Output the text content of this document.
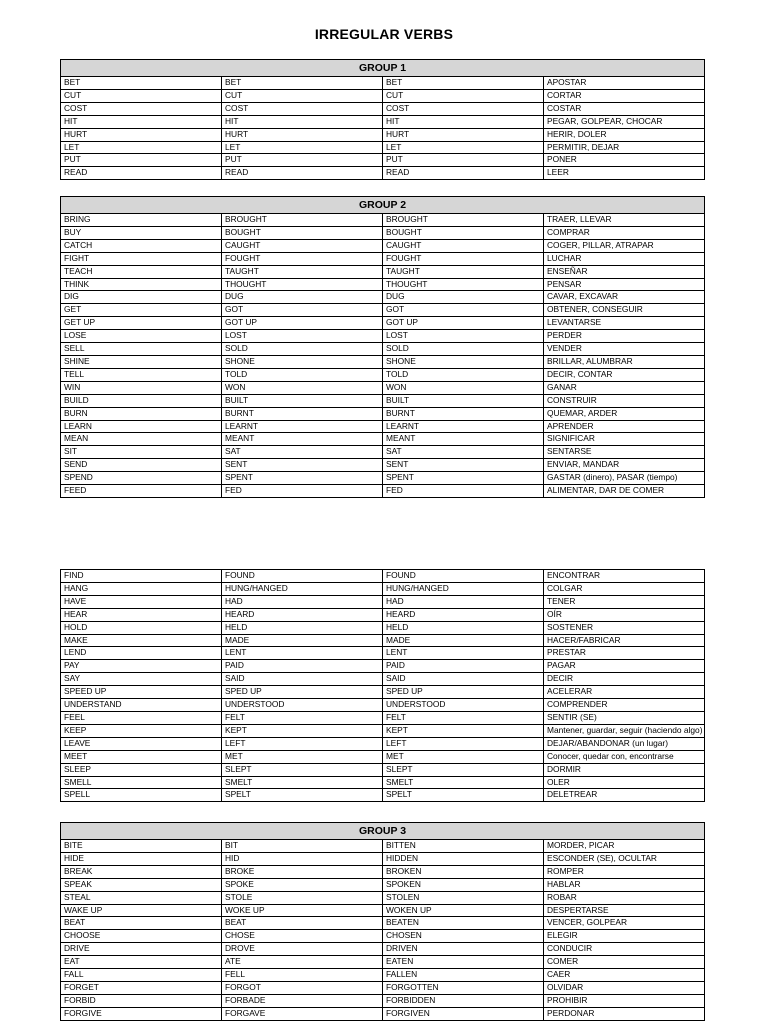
IRREGULAR VERBS
GROUP 1			
BET	BET	BET	APOSTAR
CUT	CUT	CUT	CORTAR
COST	COST	COST	COSTAR
HIT	HIT	HIT	PEGAR, GOLPEAR, CHOCAR
HURT	HURT	HURT	HERIR, DOLER
LET	LET	LET	PERMITIR, DEJAR
PUT	PUT	PUT	PONER
READ	READ	READ	LEER
GROUP 2			
BRING	BROUGHT	BROUGHT	TRAER, LLEVAR
BUY	BOUGHT	BOUGHT	COMPRAR
CATCH	CAUGHT	CAUGHT	COGER, PILLAR, ATRAPAR
FIGHT	FOUGHT	FOUGHT	LUCHAR
TEACH	TAUGHT	TAUGHT	ENSEÑAR
THINK	THOUGHT	THOUGHT	PENSAR
DIG	DUG	DUG	CAVAR, EXCAVAR
GET	GOT	GOT	OBTENER, CONSEGUIR
GET UP	GOT UP	GOT UP	LEVANTARSE
LOSE	LOST	LOST	PERDER
SELL	SOLD	SOLD	VENDER
SHINE	SHONE	SHONE	BRILLAR, ALUMBRAR
TELL	TOLD	TOLD	DECIR, CONTAR
WIN	WON	WON	GANAR
BUILD	BUILT	BUILT	CONSTRUIR
BURN	BURNT	BURNT	QUEMAR, ARDER
LEARN	LEARNT	LEARNT	APRENDER
MEAN	MEANT	MEANT	SIGNIFICAR
SIT	SAT	SAT	SENTARSE
SEND	SENT	SENT	ENVIAR, MANDAR
SPEND	SPENT	SPENT	GASTAR (dinero), PASAR (tiempo)
FEED	FED	FED	ALIMENTAR, DAR DE COMER
FIND	FOUND	FOUND	ENCONTRAR
HANG	HUNG/HANGED	HUNG/HANGED	COLGAR
HAVE	HAD	HAD	TENER
HEAR	HEARD	HEARD	OÍR
HOLD	HELD	HELD	SOSTENER
MAKE	MADE	MADE	HACER/FABRICAR
LEND	LENT	LENT	PRESTAR
PAY	PAID	PAID	PAGAR
SAY	SAID	SAID	DECIR
SPEED UP	SPED UP	SPED UP	ACELERAR
UNDERSTAND	UNDERSTOOD	UNDERSTOOD	COMPRENDER
FEEL	FELT	FELT	SENTIR (SE)
KEEP	KEPT	KEPT	Mantener, guardar, seguir (haciendo algo)
LEAVE	LEFT	LEFT	DEJAR/ABANDONAR (un lugar)
MEET	MET	MET	Conocer, quedar con, encontrarse
SLEEP	SLEPT	SLEPT	DORMIR
SMELL	SMELT	SMELT	OLER
SPELL	SPELT	SPELT	DELETREAR
GROUP 3			
BITE	BIT	BITTEN	MORDER, PICAR
HIDE	HID	HIDDEN	ESCONDER (SE), OCULTAR
BREAK	BROKE	BROKEN	ROMPER
SPEAK	SPOKE	SPOKEN	HABLAR
STEAL	STOLE	STOLEN	ROBAR
WAKE UP	WOKE UP	WOKEN UP	DESPERTARSE
BEAT	BEAT	BEATEN	VENCER, GOLPEAR
CHOOSE	CHOSE	CHOSEN	ELEGIR
DRIVE	DROVE	DRIVEN	CONDUCIR
EAT	ATE	EATEN	COMER
FALL	FELL	FALLEN	CAER
FORGET	FORGOT	FORGOTTEN	OLVIDAR
FORBID	FORBADE	FORBIDDEN	PROHIBIR
FORGIVE	FORGAVE	FORGIVEN	PERDONAR
